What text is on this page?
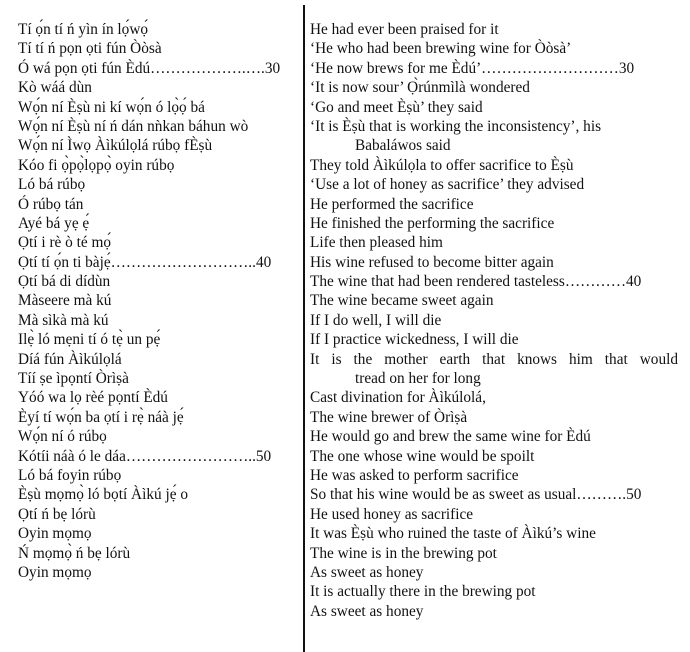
Tí ọ́n tí ń yìn ín lọ́wọ́
Tí tí ń pọn ọti fún Òòsà
Ó wá pọn ọti fún Èdú……………….….30
Kò wáá dùn
Wọ́n ní Èṣù ni kí wọ́n ó lọ̀ọ́ bá
Wọ́n ní Èṣù ní ń dán nǹkan báhun wò
Wọ́n ní Ìwọ Àìkúlọlá rúbọ fÈṣù
Kóo fi ọ̀pọ̀lọpọ̀ oyin rúbọ
Ló bá rúbọ
Ó rúbọ tán
Ayé bá yẹ ẹ́
Ọtí i rè ò té mọ́
Ọtí tí ọ́n ti bàjẹ́………………………..40
Ọtí bá di dídùn
Màseere mà kú
Mà sìkà mà kú
Ilẹ̀ ló mẹni tí ó tẹ̀ un pẹ́
Díá fún Àìkúlọlá
Tíí ṣe ìpọntí Òrìṣà
Yóó wa lọ rèé pọntí Èdú
Èyí tí wọ́n ba ọtí i rẹ̀ náà jẹ́
Wọ́n ní ó rúbọ
Kótíi náà ó le dáa……………………..50
Ló bá foyin rúbọ
Èṣù mọmọ̀ ló bọtí Àìkú jẹ́ o
Ọtí ń bẹ lórù
Oyin mọmọ
Ń mọmọ̀ ń bẹ lórù
Oyin mọmọ
He had ever been praised for it
‘He who had been brewing wine for Òòsà’
‘He now brews for me Èdú’………………………30
‘It is now sour’ Ọ̀rúnmìlà wondered
‘Go and meet Èṣù’ they said
‘It is Èṣù that is working the inconsistency’, his
Babaláwos said
They told Àìkúlọla to offer sacrifice to Èṣù
‘Use a lot of honey as sacrifice’ they advised
He performed the sacrifice
He finished the performing the sacrifice
Life then pleased him
His wine refused to become bitter again
The wine that had been rendered tasteless…………40
The wine became sweet again
If I do well, I will die
If I practice wickedness, I will die
It is the mother earth that knows him that would
tread on her for long
Cast divination for Àìkúlolá,
The wine brewer of Òrìṣà
He would go and brew the same wine for Èdú
The one whose wine would be spoilt
He was asked to perform sacrifice
So that his wine would be as sweet as usual……….50
He used honey as sacrifice
It was Èṣù who ruined the taste of Àìkú’s wine
The wine is in the brewing pot
As sweet as honey
It is actually there in the brewing pot
As sweet as honey
